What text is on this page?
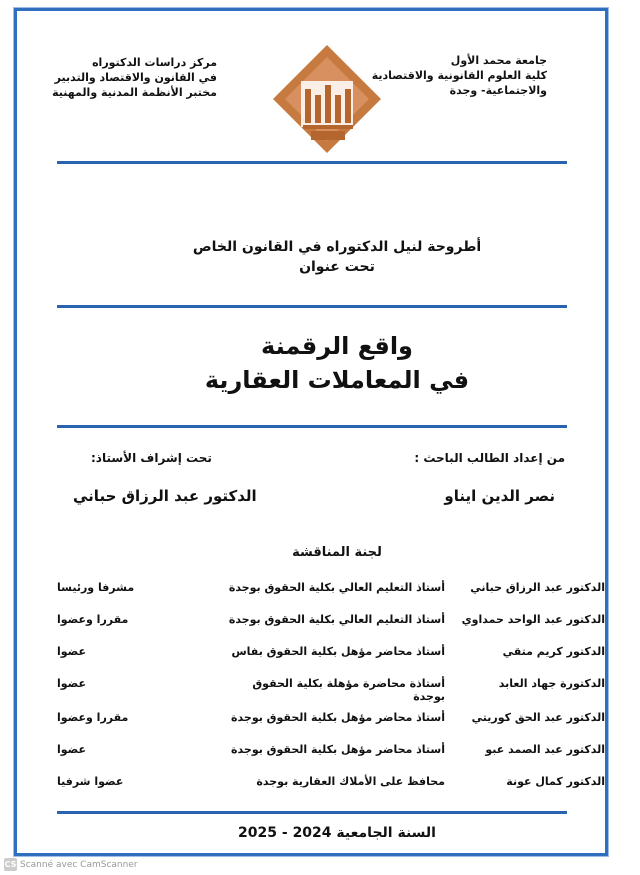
جامعة محمد الأول
كلية العلوم القانونية والاقتصادية
والاجتماعية- وجدة
مركز دراسات الدكتوراه
في القانون والاقتصاد والتدبير
مختبر الأنظمة المدنية والمهنية
أطروحة لنيل الدكتوراه في القانون الخاص
تحت عنوان
واقع الرقمنة
في المعاملات العقارية
من إعداد الطالب الباحث :
نصر الدين ايناو
تحت إشراف الأستاذ:
الدكتور عبد الرزاق حباني
لجنة المناقشة
الدكتور عبد الرزاق حباني
أستاذ التعليم العالي بكلية الحقوق بوجدة
مشرفا ورئيسا
الدكتور عبد الواحد حمداوي
أستاذ التعليم العالي بكلية الحقوق بوجدة
مقررا وعضوا
الدكتور كريم متقي
أستاذ محاضر مؤهل بكلية الحقوق بفاس
عضوا
الدكتورة جهاد العابد
أستاذة محاضرة مؤهلة بكلية الحقوق بوجدة
عضوا
الدكتور عبد الحق كوريتي
أستاذ محاضر مؤهل بكلية الحقوق بوجدة
مقررا وعضوا
الدكتور عبد الصمد عبو
أستاذ محاضر مؤهل بكلية الحقوق بوجدة
عضوا
الدكتور كمال عونة
محافظ على الأملاك العقارية بوجدة
عضوا شرفيا
السنة الجامعية 2024 - 2025
CS Scanné avec CamScanner
